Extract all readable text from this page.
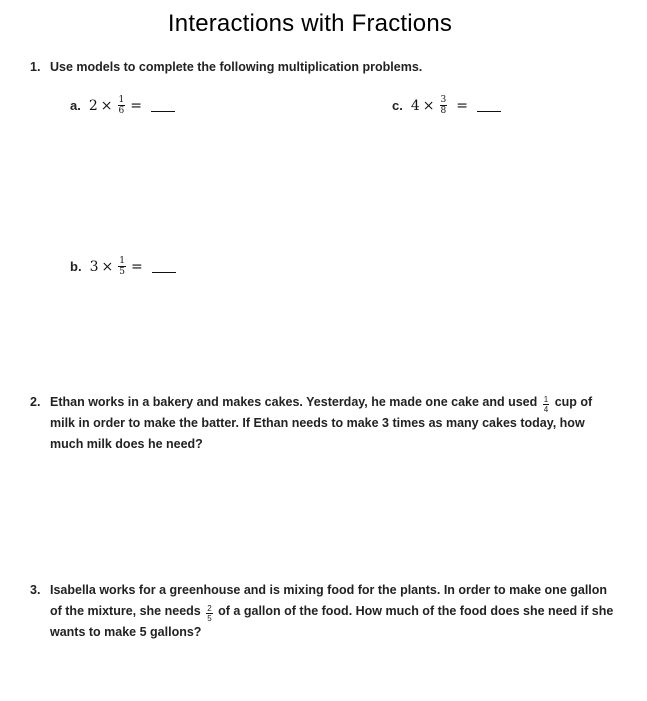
Interactions with Fractions
1. Use models to complete the following multiplication problems.
a. $2 \times \frac{1}{6}$ =	c. $4 \times \frac{3}{8}$ =
b. $3 \times \frac{1}{5}$ =
2. Ethan works in a bakery and makes cakes. Yesterday, he made one cake and used $\frac{1}{4}$ cup of milk in order to make the batter. If Ethan needs to make 3 times as many cakes today, how much milk does he need?
3. Isabella works for a greenhouse and is mixing food for the plants. In order to make one gallon of the mixture, she needs $\frac{2}{5}$ of a gallon of the food. How much of the food does she need if she wants to make 5 gallons?
